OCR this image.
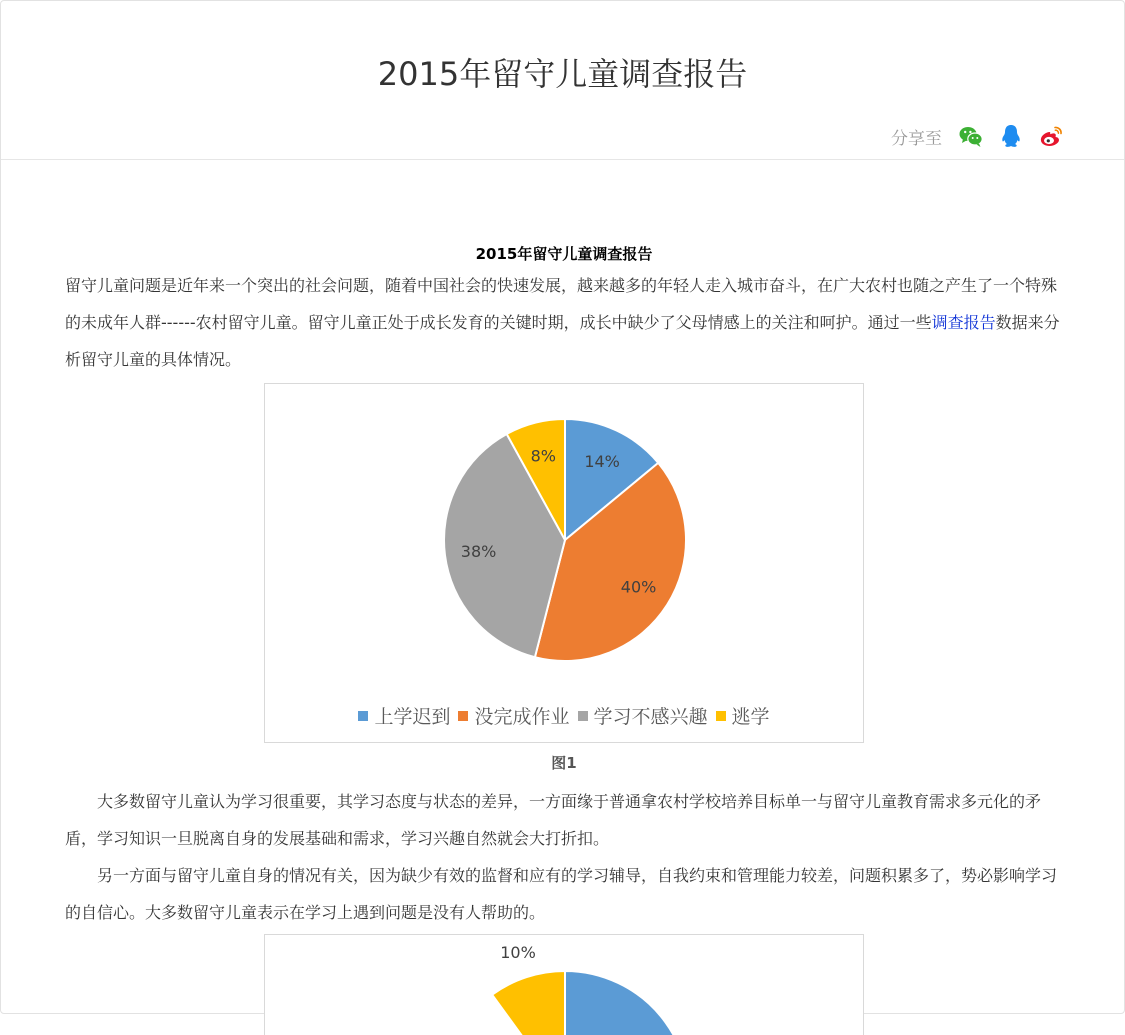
2015年留守儿童调查报告
分享至
2015年留守儿童调查报告

留守儿童问题是近年来一个突出的社会问题，随着中国社会的快速发展，越来越多的年轻人走入城市奋斗，在广大农村也随之产生了一个特殊的未成年人群------农村留守儿童。留守儿童正处于成长发育的关键时期，成长中缺少了父母情感上的关注和呵护。通过一些调查报告数据来分析留守儿童的具体情况。

14%
40%
38%
8%
上学迟到 没完成作业 学习不感兴趣 逃学
图1

大多数留守儿童认为学习很重要，其学习态度与状态的差异，一方面缘于普通拿农村学校培养目标单一与留守儿童教育需求多元化的矛盾，学习知识一旦脱离自身的发展基础和需求，学习兴趣自然就会大打折扣。

另一方面与留守儿童自身的情况有关，因为缺少有效的监督和应有的学习辅导，自我约束和管理能力较差，问题积累多了，势必影响学习的自信心。大多数留守儿童表示在学习上遇到问题是没有人帮助的。

10%
